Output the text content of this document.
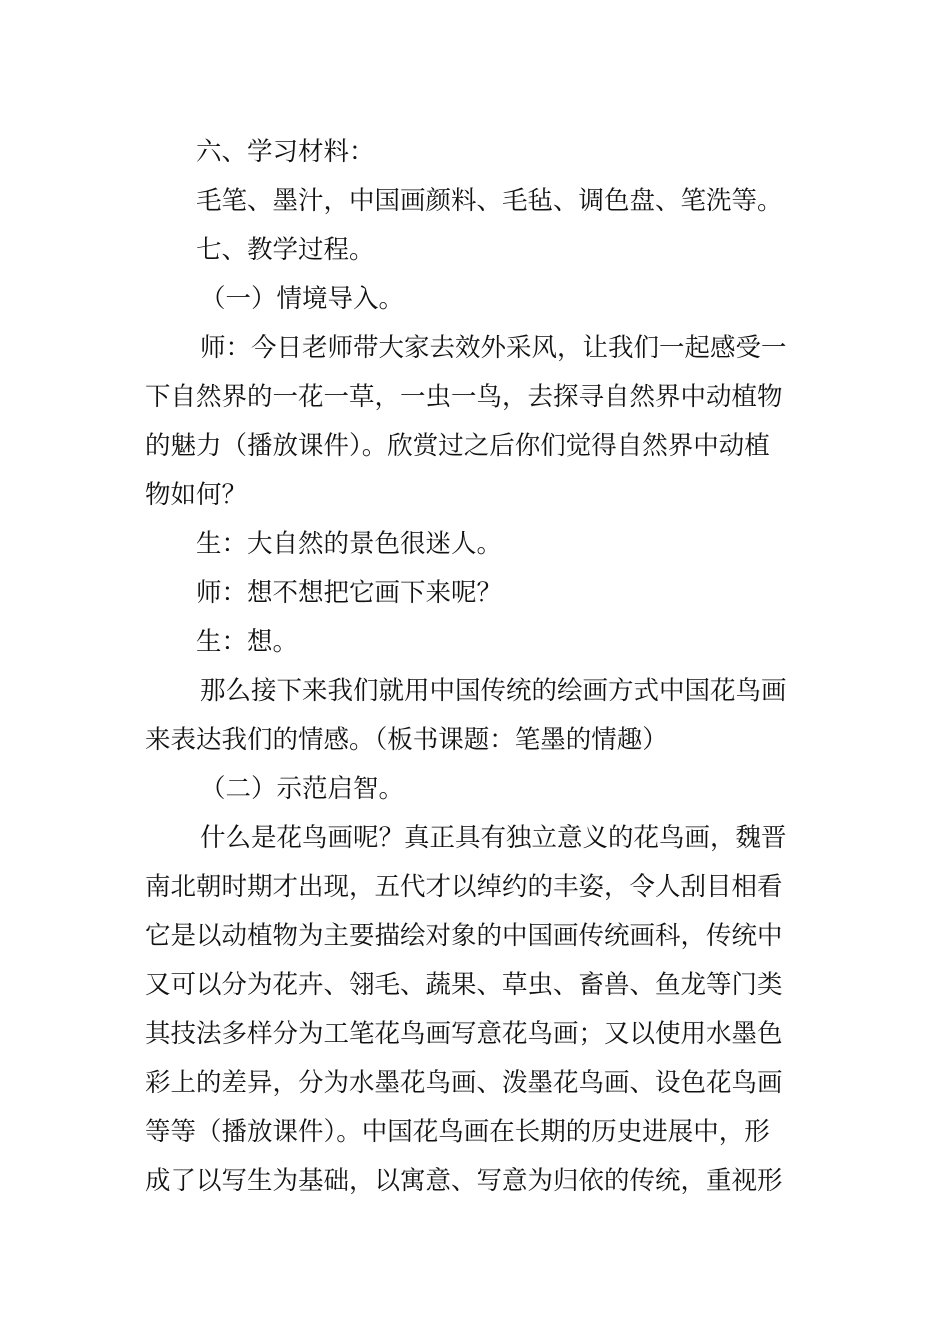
六、学习材料：

毛笔、墨汁，中国画颜料、毛毡、调色盘、笔洗等。

七、教学过程。

（一）情境导入。

师：今日老师带大家去效外采风，让我们一起感受一

下自然界的一花一草，一虫一鸟，去探寻自然界中动植物

的魅力（播放课件）。欣赏过之后你们觉得自然界中动植

物如何？

生：大自然的景色很迷人。

师：想不想把它画下来呢？

生：想。

那么接下来我们就用中国传统的绘画方式中国花鸟画

来表达我们的情感。（板书课题：笔墨的情趣）

（二）示范启智。

什么是花鸟画呢？真正具有独立意义的花鸟画，魏晋

南北朝时期才出现，五代才以绰约的丰姿，令人刮目相看

它是以动植物为主要描绘对象的中国画传统画科，传统中

又可以分为花卉、翎毛、蔬果、草虫、畜兽、鱼龙等门类

其技法多样分为工笔花鸟画写意花鸟画；又以使用水墨色

彩上的差异，分为水墨花鸟画、泼墨花鸟画、设色花鸟画

等等（播放课件）。中国花鸟画在长期的历史进展中，形

成了以写生为基础，以寓意、写意为归依的传统，重视形
